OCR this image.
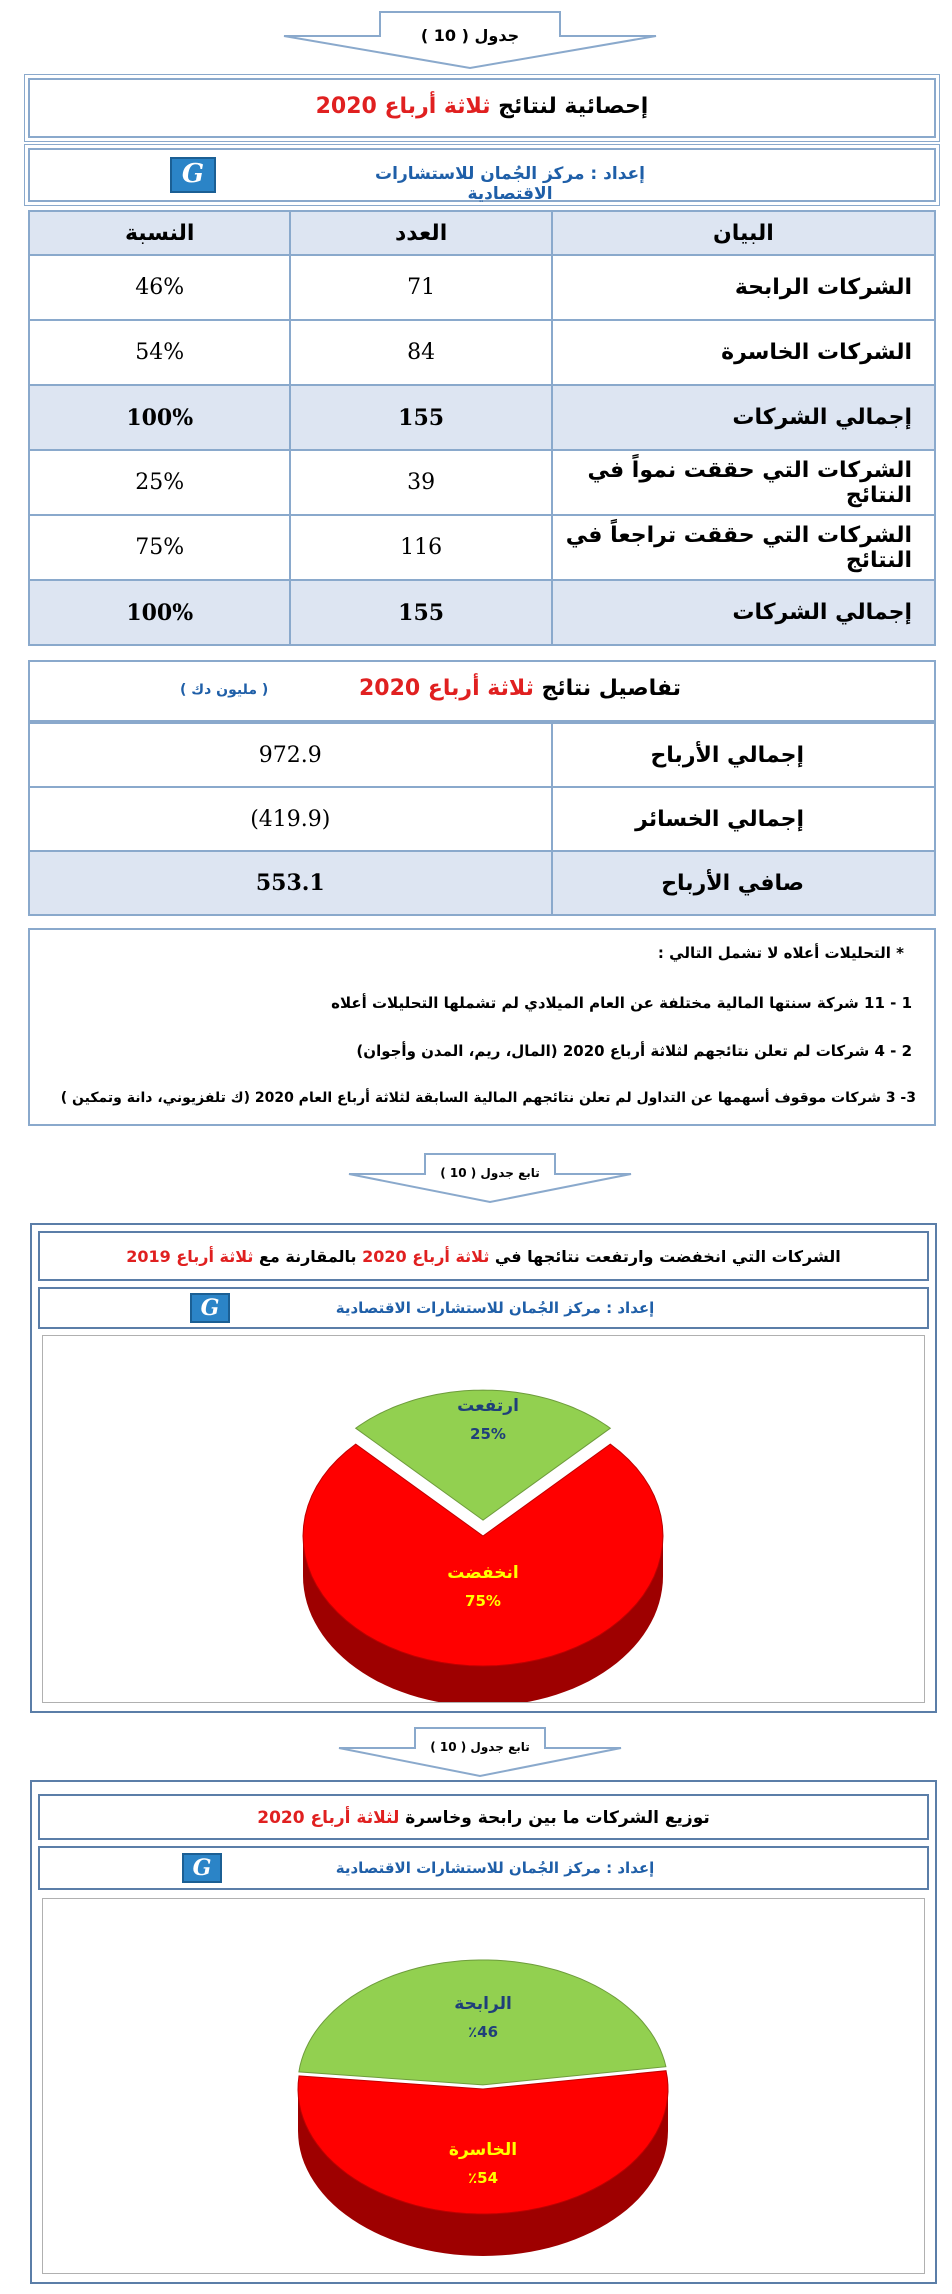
جدول ( 10 )
إحصائية لنتائج ثلاثة أرباع 2020
G	إعداد : مركز الجُمان للاستشارات الاقتصادية
البيان	العدد	النسبة
الشركات الرابحة	71	46%
الشركات الخاسرة	84	54%
إجمالي الشركات	155	100%
الشركات التي حققت نمواً في النتائج	39	25%
الشركات التي حققت تراجعاً في النتائج	116	75%
إجمالي الشركات	155	100%
تفاصيل نتائج ثلاثة أرباع 2020
( مليون دك )
إجمالي الأرباح	972.9
إجمالي الخسائر	(419.9)
صافي الأرباح	553.1
* التحليلات أعلاه لا تشمل التالي :
1 - 11 شركة سنتها المالية مختلفة عن العام الميلادي لم تشملها التحليلات أعلاه
2 - 4 شركات لم تعلن نتائجهم لثلاثة أرباع 2020 (المال، ريم، المدن وأجوان)
3- 3 شركات موقوف أسهمها عن التداول لم تعلن نتائجهم المالية السابقة لثلاثة أرباع العام 2020 (ك تلفزيوني، دانة وتمكين )
تابع جدول ( 10 )
الشركات التي انخفضت وارتفعت نتائجها في ثلاثة أرباع 2020 بالمقارنة مع ثلاثة أرباع 2019
G	إعداد : مركز الجُمان للاستشارات الاقتصادية
ارتفعت
25%
انخفضت
75%
تابع جدول ( 10 )
توزيع الشركات ما بين رابحة وخاسرة لثلاثة أرباع 2020
G	إعداد : مركز الجُمان للاستشارات الاقتصادية
الرابحة
٪46
الخاسرة
٪54
